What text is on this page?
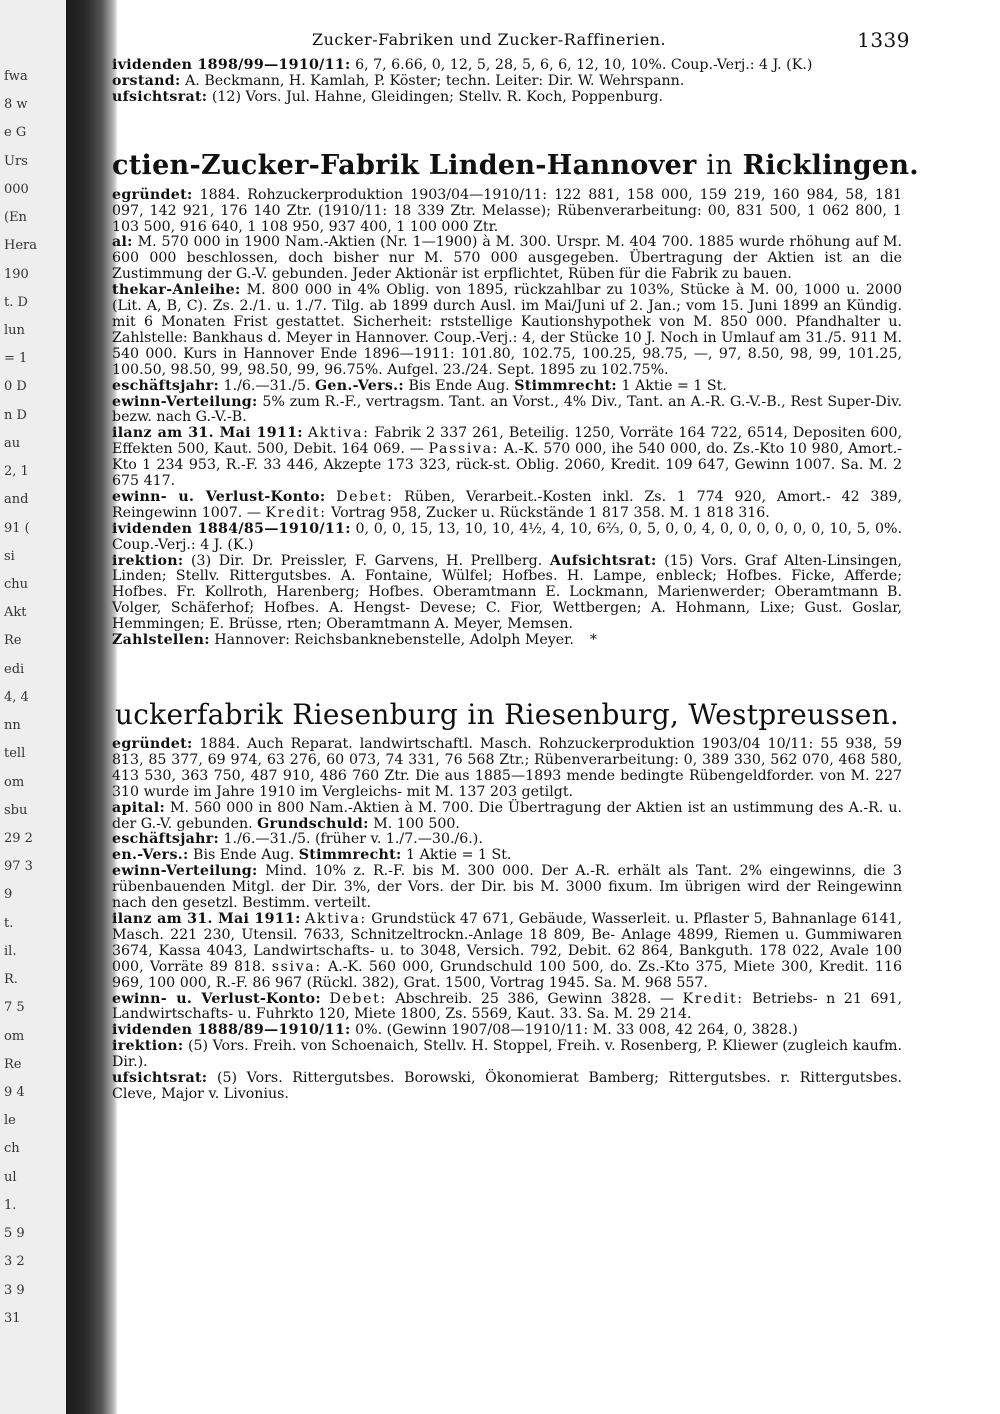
fwa
8 w
e G
Urs
000
(En
Hera
190
t. D
lun
= 1
0 D
n D
au
2, 1
and
91 (
si
chu
Akt
Re
edi
4, 4
nn
tell
om
sbu
29 2
97 3
9
t.
il.
R.
7 5
om
Re
9 4
le
ch
ul
1.
5 9
3 2
3 9
31
Zucker-Fabriken und Zucker-Raffinerien.	1339

ividenden 1898/99—1910/11: 6, 7, 6.66, 0, 12, 5, 28, 5, 6, 6, 12, 10, 10%. Coup.-Verj.: 4 J. (K.)

orstand: A. Beckmann, H. Kamlah, P. Köster; techn. Leiter: Dir. W. Wehrspann.

ufsichtsrat: (12) Vors. Jul. Hahne, Gleidingen; Stellv. R. Koch, Poppenburg.

ctien-Zucker-Fabrik Linden-Hannover in Ricklingen.

egründet: 1884. Rohzuckerproduktion 1903/04—1910/11: 122 881, 158 000, 159 219, 160 984, 58, 181 097, 142 921, 176 140 Ztr. (1910/11: 18 339 Ztr. Melasse); Rübenverarbeitung: 00, 831 500, 1 062 800, 1 103 500, 916 640, 1 108 950, 937 400, 1 100 000 Ztr.

al: M. 570 000 in 1900 Nam.-Aktien (Nr. 1—1900) à M. 300. Urspr. M. 404 700. 1885 wurde rhöhung auf M. 600 000 beschlossen, doch bisher nur M. 570 000 ausgegeben. Übertragung der Aktien ist an die Zustimmung der G.-V. gebunden. Jeder Aktionär ist erpflichtet, Rüben für die Fabrik zu bauen.

thekar-Anleihe: M. 800 000 in 4% Oblig. von 1895, rückzahlbar zu 103%, Stücke à M. 00, 1000 u. 2000 (Lit. A, B, C). Zs. 2./1. u. 1./7. Tilg. ab 1899 durch Ausl. im Mai/Juni uf 2. Jan.; vom 15. Juni 1899 an Kündig. mit 6 Monaten Frist gestattet. Sicherheit: rststellige Kautionshypothek von M. 850 000. Pfandhalter u. Zahlstelle: Bankhaus d. Meyer in Hannover. Coup.-Verj.: 4, der Stücke 10 J. Noch in Umlauf am 31./5. 911 M. 540 000. Kurs in Hannover Ende 1896—1911: 101.80, 102.75, 100.25, 98.75, —, 97, 8.50, 98, 99, 101.25, 100.50, 98.50, 99, 98.50, 99, 96.75%. Aufgel. 23./24. Sept. 1895 zu 102.75%.

eschäftsjahr: 1./6.—31./5. Gen.-Vers.: Bis Ende Aug. Stimmrecht: 1 Aktie = 1 St.

ewinn-Verteilung: 5% zum R.-F., vertragsm. Tant. an Vorst., 4% Div., Tant. an A.-R. G.-V.-B., Rest Super-Div. bezw. nach G.-V.-B.

ilanz am 31. Mai 1911: Aktiva: Fabrik 2 337 261, Beteilig. 1250, Vorräte 164 722, 6514, Depositen 600, Effekten 500, Kaut. 500, Debit. 164 069. — Passiva: A.-K. 570 000, ihe 540 000, do. Zs.-Kto 10 980, Amort.-Kto 1 234 953, R.-F. 33 446, Akzepte 173 323, rück-st. Oblig. 2060, Kredit. 109 647, Gewinn 1007. Sa. M. 2 675 417.

ewinn- u. Verlust-Konto: Debet: Rüben, Verarbeit.-Kosten inkl. Zs. 1 774 920, Amort.- 42 389, Reingewinn 1007. — Kredit: Vortrag 958, Zucker u. Rückstände 1 817 358. M. 1 818 316.

ividenden 1884/85—1910/11: 0, 0, 0, 15, 13, 10, 10, 4½, 4, 10, 6⅔, 0, 5, 0, 0, 4, 0, 0, 0, 0, 0, 0, 10, 5, 0%. Coup.-Verj.: 4 J. (K.)

irektion: (3) Dir. Dr. Preissler, F. Garvens, H. Prellberg. Aufsichtsrat: (15) Vors. Graf Alten-Linsingen, Linden; Stellv. Rittergutsbes. A. Fontaine, Wülfel; Hofbes. H. Lampe, enbleck; Hofbes. Ficke, Afferde; Hofbes. Fr. Kollroth, Harenberg; Hofbes. Oberamtmann E. Lockmann, Marienwerder; Oberamtmann B. Volger, Schäferhof; Hofbes. A. Hengst- Devese; C. Fior, Wettbergen; A. Hohmann, Lixe; Gust. Goslar, Hemmingen; E. Brüsse, rten; Oberamtmann A. Meyer, Memsen.

Zahlstellen: Hannover: Reichsbanknebenstelle, Adolph Meyer. *

uckerfabrik Riesenburg in Riesenburg, Westpreussen.

egründet: 1884. Auch Reparat. landwirtschaftl. Masch. Rohzuckerproduktion 1903/04 10/11: 55 938, 59 813, 85 377, 69 974, 63 276, 60 073, 74 331, 76 568 Ztr.; Rübenverarbeitung: 0, 389 330, 562 070, 468 580, 413 530, 363 750, 487 910, 486 760 Ztr. Die aus 1885—1893 mende bedingte Rübengeldforder. von M. 227 310 wurde im Jahre 1910 im Vergleichs- mit M. 137 203 getilgt.

apital: M. 560 000 in 800 Nam.-Aktien à M. 700. Die Übertragung der Aktien ist an ustimmung des A.-R. u. der G.-V. gebunden. Grundschuld: M. 100 500.

eschäftsjahr: 1./6.—31./5. (früher v. 1./7.—30./6.).

en.-Vers.: Bis Ende Aug. Stimmrecht: 1 Aktie = 1 St.

ewinn-Verteilung: Mind. 10% z. R.-F. bis M. 300 000. Der A.-R. erhält als Tant. 2% eingewinns, die 3 rübenbauenden Mitgl. der Dir. 3%, der Vors. der Dir. bis M. 3000 fixum. Im übrigen wird der Reingewinn nach den gesetzl. Bestimm. verteilt.

ilanz am 31. Mai 1911: Aktiva: Grundstück 47 671, Gebäude, Wasserleit. u. Pflaster 5, Bahnanlage 6141, Masch. 221 230, Utensil. 7633, Schnitzeltrockn.-Anlage 18 809, Be- Anlage 4899, Riemen u. Gummiwaren 3674, Kassa 4043, Landwirtschafts- u. to 3048, Versich. 792, Debit. 62 864, Bankguth. 178 022, Avale 100 000, Vorräte 89 818. ssiva: A.-K. 560 000, Grundschuld 100 500, do. Zs.-Kto 375, Miete 300, Kredit. 116 969, 100 000, R.-F. 86 967 (Rückl. 382), Grat. 1500, Vortrag 1945. Sa. M. 968 557.

ewinn- u. Verlust-Konto: Debet: Abschreib. 25 386, Gewinn 3828. — Kredit: Betriebs- n 21 691, Landwirtschafts- u. Fuhrkto 120, Miete 1800, Zs. 5569, Kaut. 33. Sa. M. 29 214.

ividenden 1888/89—1910/11: 0%. (Gewinn 1907/08—1910/11: M. 33 008, 42 264, 0, 3828.)

irektion: (5) Vors. Freih. von Schoenaich, Stellv. H. Stoppel, Freih. v. Rosenberg, P. Kliewer (zugleich kaufm. Dir.).

ufsichtsrat: (5) Vors. Rittergutsbes. Borowski, Ökonomierat Bamberg; Rittergutsbes. r. Rittergutsbes. Cleve, Major v. Livonius.
